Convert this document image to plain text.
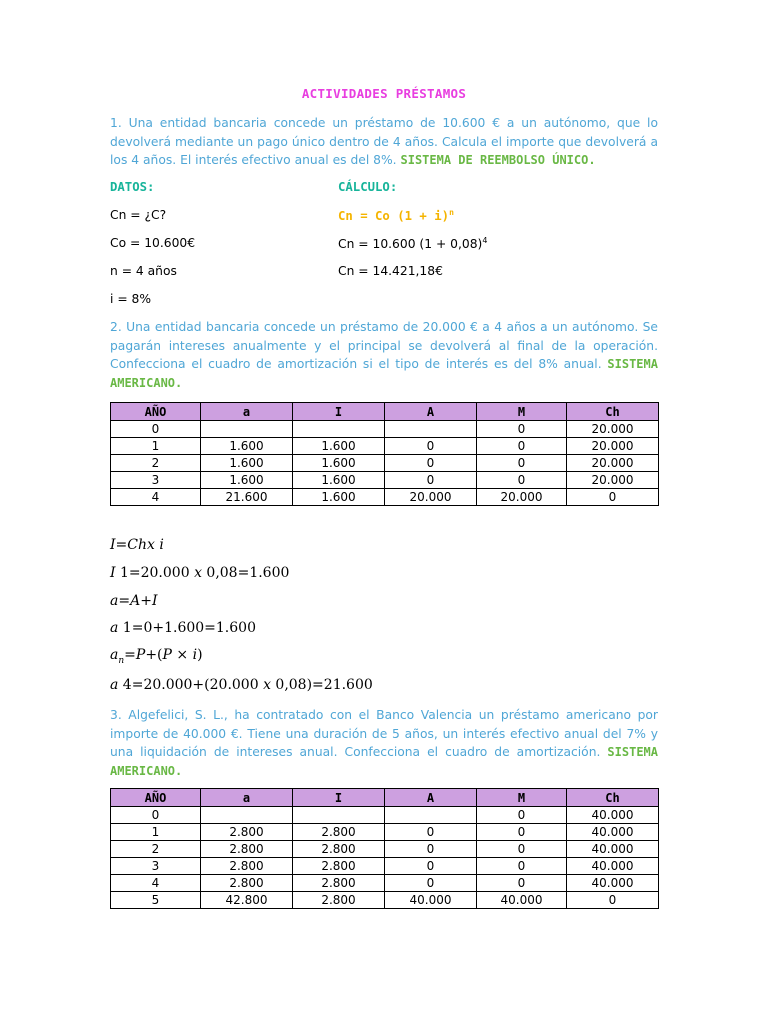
ACTIVIDADES PRÉSTAMOS
1. Una entidad bancaria concede un préstamo de 10.600 € a un autónomo, que lo devolverá mediante un pago único dentro de 4 años. Calcula el importe que devolverá a los 4 años. El interés efectivo anual es del 8%. SISTEMA DE REEMBOLSO ÚNICO.
DATOS:
Cn = ¿C?
Co = 10.600€
n = 4 años
i = 8%
CÁLCULO:
Cn = Co $(1 + i)^n$
Cn = 10.600 $(1 + 0,08)^4$
Cn = 14.421,18€
2. Una entidad bancaria concede un préstamo de 20.000 € a 4 años a un autónomo. Se pagarán intereses anualmente y el principal se devolverá al final de la operación. Confecciona el cuadro de amortización si el tipo de interés es del 8% anual. SISTEMA AMERICANO.
AÑO	a	I	A	M	Ch
0				0	20.000
1	1.600	1.600	0	0	20.000
2	1.600	1.600	0	0	20.000
3	1.600	1.600	0	0	20.000
4	21.600	1.600	20.000	20.000	0
I=Chx i
I 1=20.000 x 0,08=1.600
a=A+I
a 1=0+1.600=1.600
$a_n=P+(P \times i)$
a 4=20.000+(20.000 x 0,08)=21.600
3. Algefelici, S. L., ha contratado con el Banco Valencia un préstamo americano por importe de 40.000 €. Tiene una duración de 5 años, un interés efectivo anual del 7% y una liquidación de intereses anual. Confecciona el cuadro de amortización. SISTEMA AMERICANO.
AÑO	a	I	A	M	Ch
0				0	40.000
1	2.800	2.800	0	0	40.000
2	2.800	2.800	0	0	40.000
3	2.800	2.800	0	0	40.000
4	2.800	2.800	0	0	40.000
5	42.800	2.800	40.000	40.000	0
